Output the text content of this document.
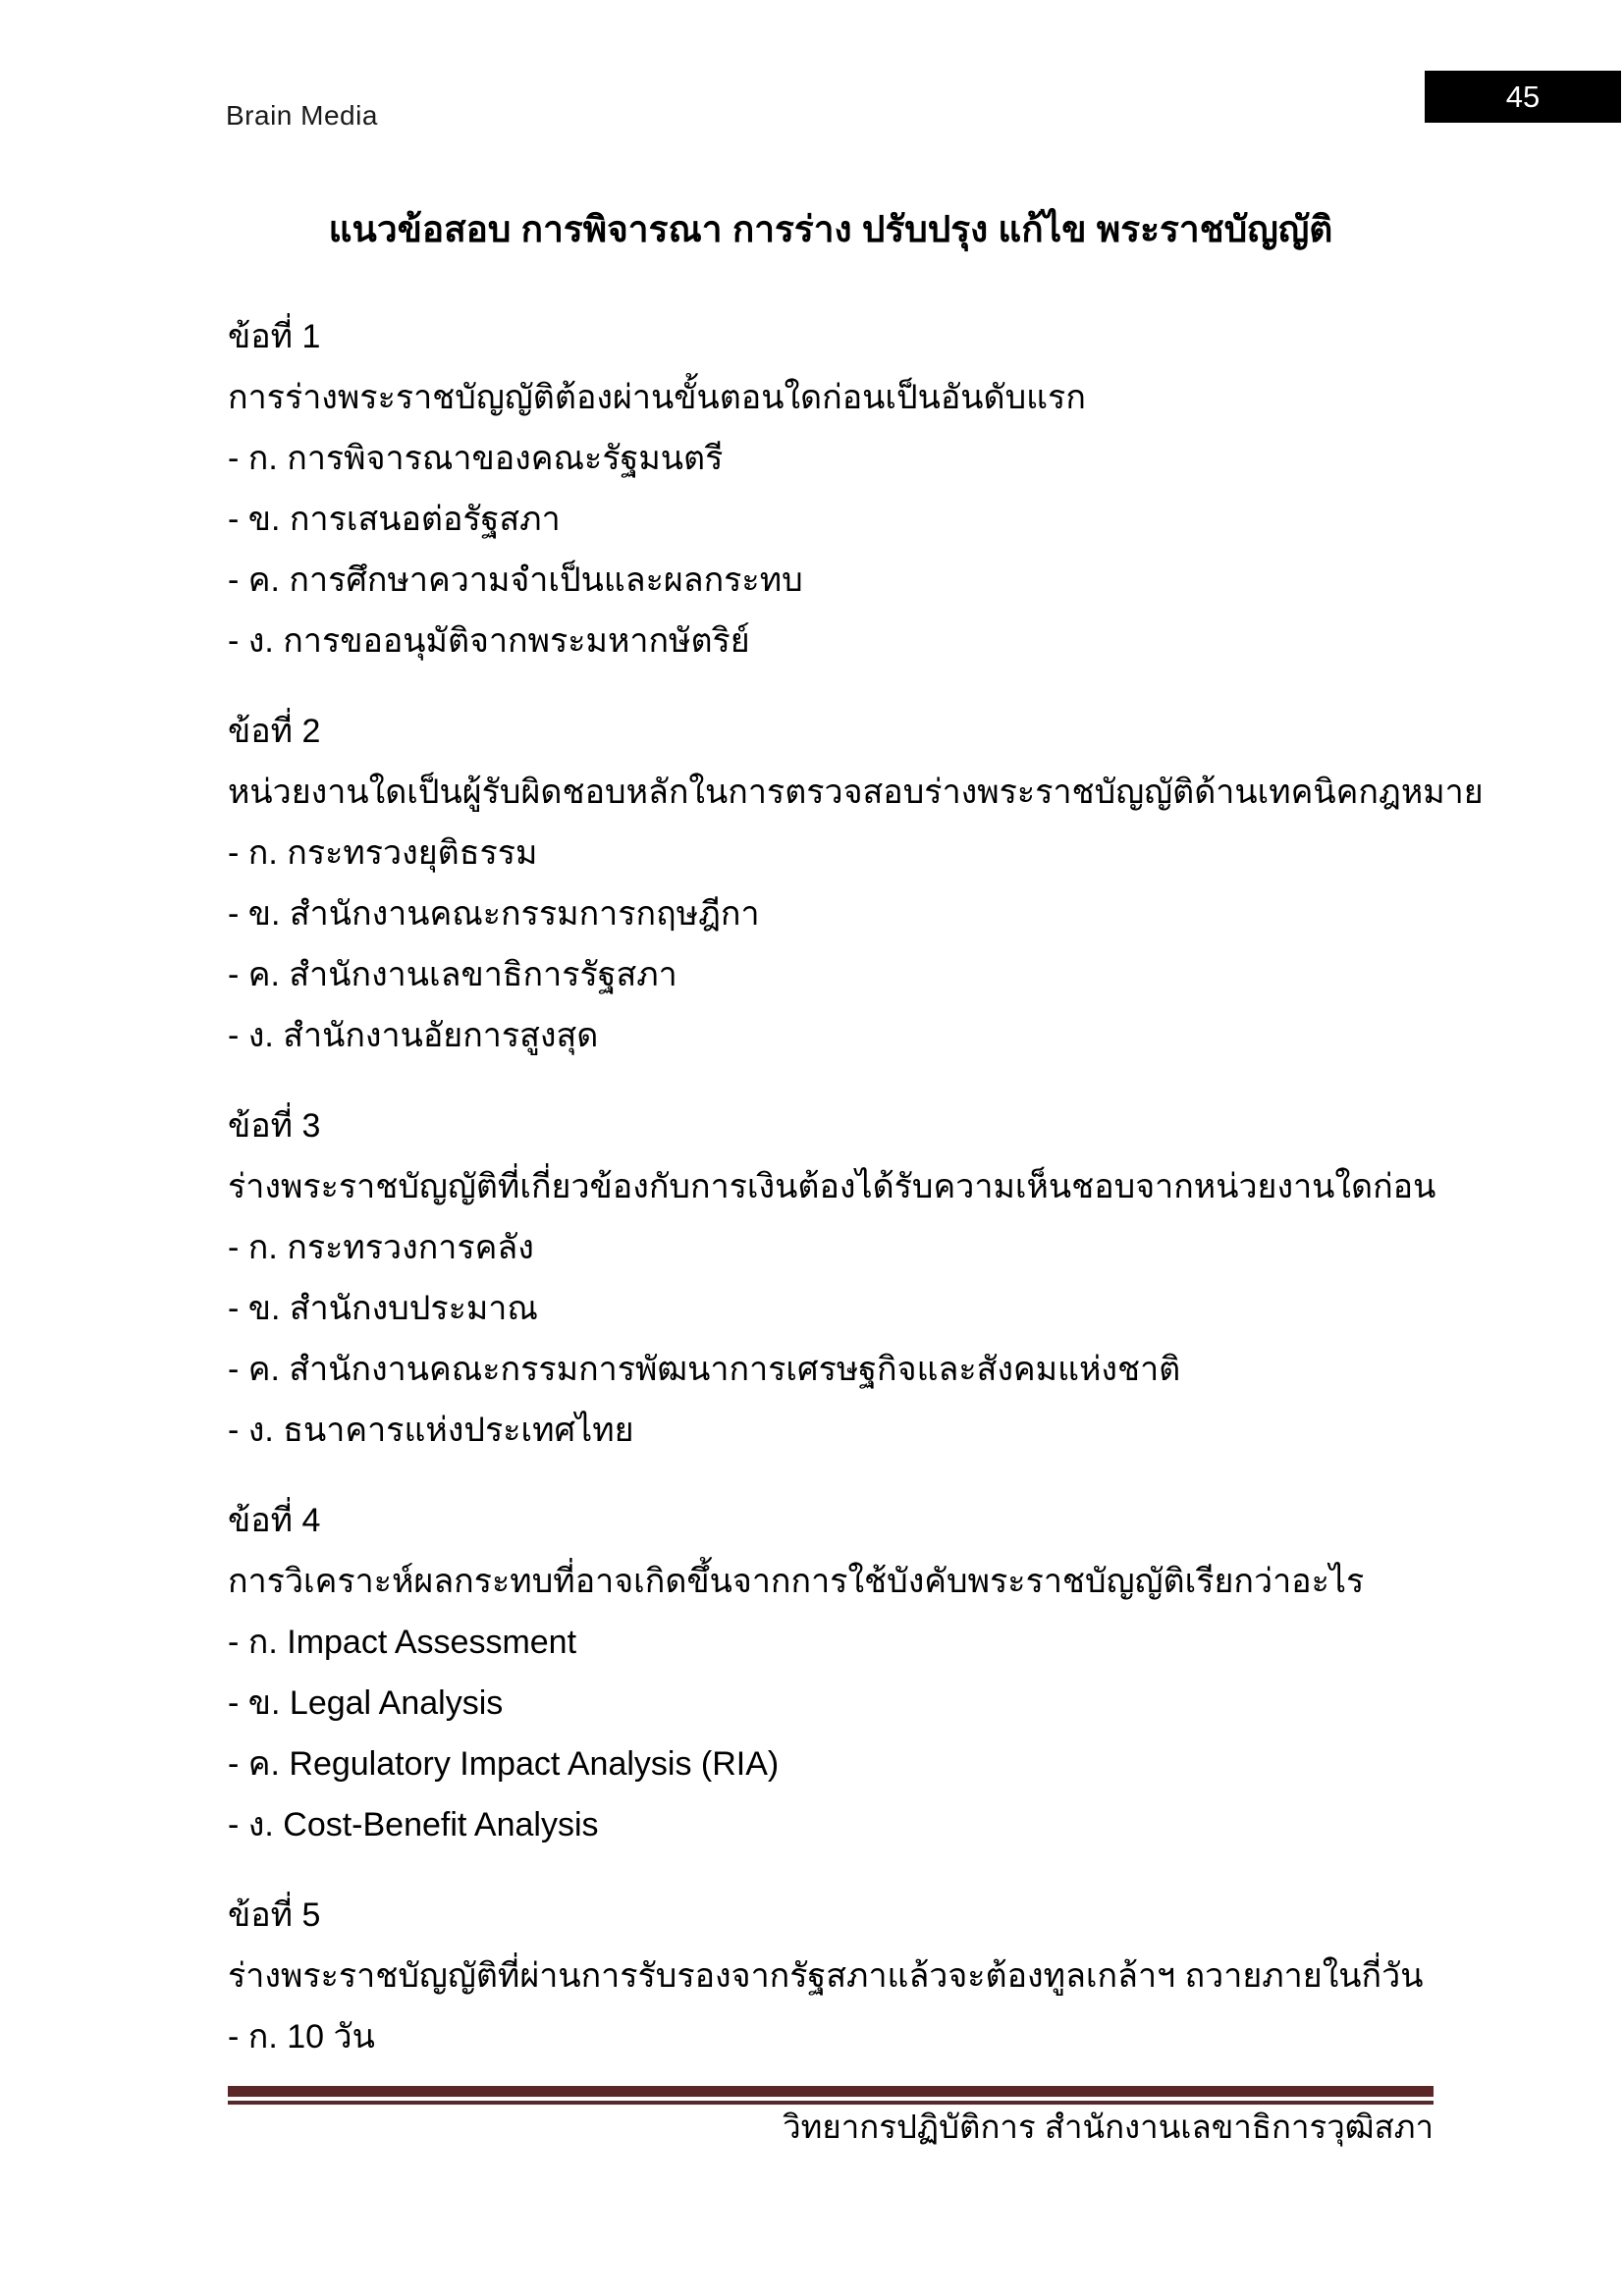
Brain Media
45
แนวข้อสอบ การพิจารณา การร่าง ปรับปรุง แก้ไข พระราชบัญญัติ
ข้อที่ 1
การร่างพระราชบัญญัติต้องผ่านขั้นตอนใดก่อนเป็นอันดับแรก
- ก. การพิจารณาของคณะรัฐมนตรี
- ข. การเสนอต่อรัฐสภา
- ค. การศึกษาความจำเป็นและผลกระทบ
- ง. การขออนุมัติจากพระมหากษัตริย์
ข้อที่ 2
หน่วยงานใดเป็นผู้รับผิดชอบหลักในการตรวจสอบร่างพระราชบัญญัติด้านเทคนิคกฎหมาย
- ก. กระทรวงยุติธรรม
- ข. สำนักงานคณะกรรมการกฤษฎีกา
- ค. สำนักงานเลขาธิการรัฐสภา
- ง. สำนักงานอัยการสูงสุด
ข้อที่ 3
ร่างพระราชบัญญัติที่เกี่ยวข้องกับการเงินต้องได้รับความเห็นชอบจากหน่วยงานใดก่อน
- ก. กระทรวงการคลัง
- ข. สำนักงบประมาณ
- ค. สำนักงานคณะกรรมการพัฒนาการเศรษฐกิจและสังคมแห่งชาติ
- ง. ธนาคารแห่งประเทศไทย
ข้อที่ 4
การวิเคราะห์ผลกระทบที่อาจเกิดขึ้นจากการใช้บังคับพระราชบัญญัติเรียกว่าอะไร
- ก. Impact Assessment
- ข. Legal Analysis
- ค. Regulatory Impact Analysis (RIA)
- ง. Cost-Benefit Analysis
ข้อที่ 5
ร่างพระราชบัญญัติที่ผ่านการรับรองจากรัฐสภาแล้วจะต้องทูลเกล้าฯ ถวายภายในกี่วัน
- ก. 10 วัน
วิทยากรปฏิบัติการ สำนักงานเลขาธิการวุฒิสภา
